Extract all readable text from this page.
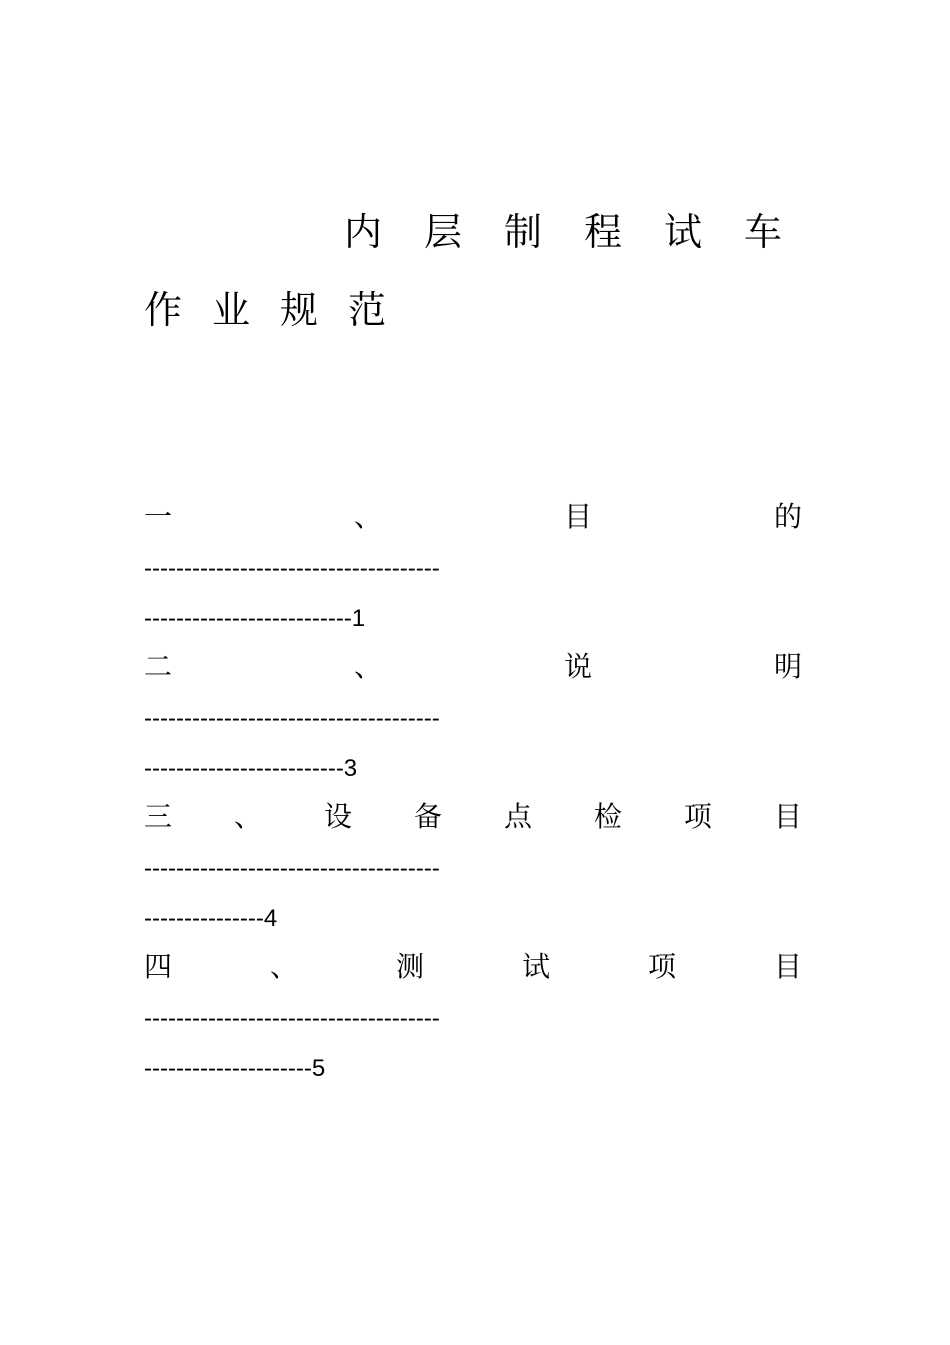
内 层 制 程 试 车
作 业 规 范
一	、	目	的
-------------------------------------
--------------------------1
二	、	说	明
-------------------------------------
-------------------------3
三 、 设 备 点 检 项 目
-------------------------------------
---------------4
四	、	测	试	项	目
-------------------------------------
---------------------5
